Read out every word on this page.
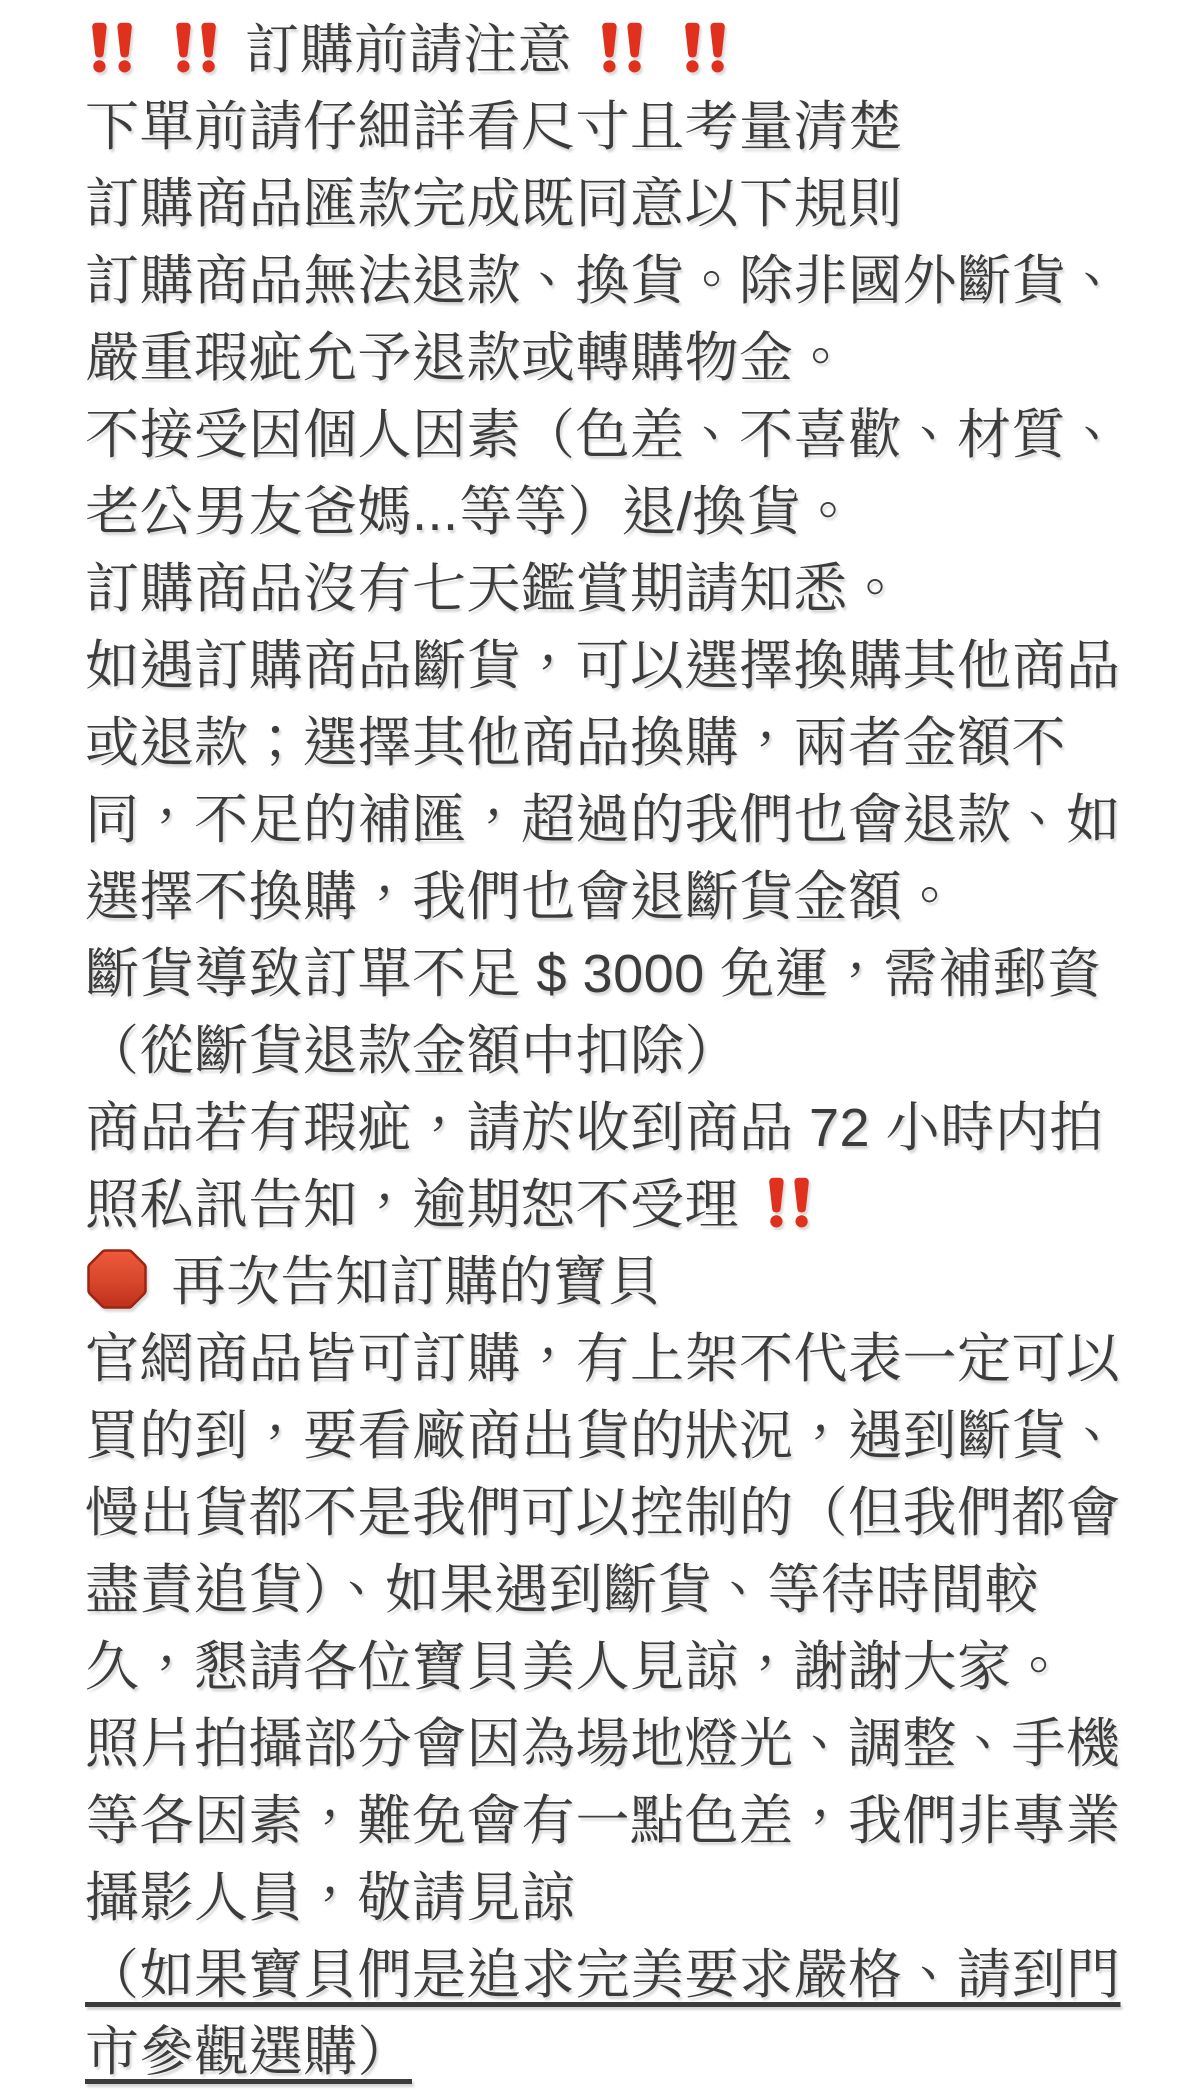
訂購前請注意

下單前請仔細詳看尺寸且考量清楚
訂購商品匯款完成既同意以下規則
訂購商品無法退款、換貨。除非國外斷貨、
嚴重瑕疵允予退款或轉購物金。
不接受因個人因素（色差、不喜歡、材質、
老公男友爸媽...等等）退/換貨。
訂購商品沒有七天鑑賞期請知悉。
如遇訂購商品斷貨，可以選擇換購其他商品
或退款；選擇其他商品換購，兩者金額不
同，不足的補匯，超過的我們也會退款、如
選擇不換購，我們也會退斷貨金額。
斷貨導致訂單不足 $ 3000 免運，需補郵資
（從斷貨退款金額中扣除）
商品若有瑕疵，請於收到商品 72 小時内拍
照私訊告知，逾期恕不受理
再次告知訂購的寶貝
官網商品皆可訂購，有上架不代表一定可以
買的到，要看廠商出貨的狀況，遇到斷貨、
慢出貨都不是我們可以控制的（但我們都會
盡責追貨）、如果遇到斷貨、等待時間較
久，懇請各位寶貝美人見諒，謝謝大家。
照片拍攝部分會因為場地燈光、調整、手機
等各因素，難免會有一點色差，我們非專業
攝影人員，敬請見諒
（如果寶貝們是追求完美要求嚴格、請到門
市參觀選購）
